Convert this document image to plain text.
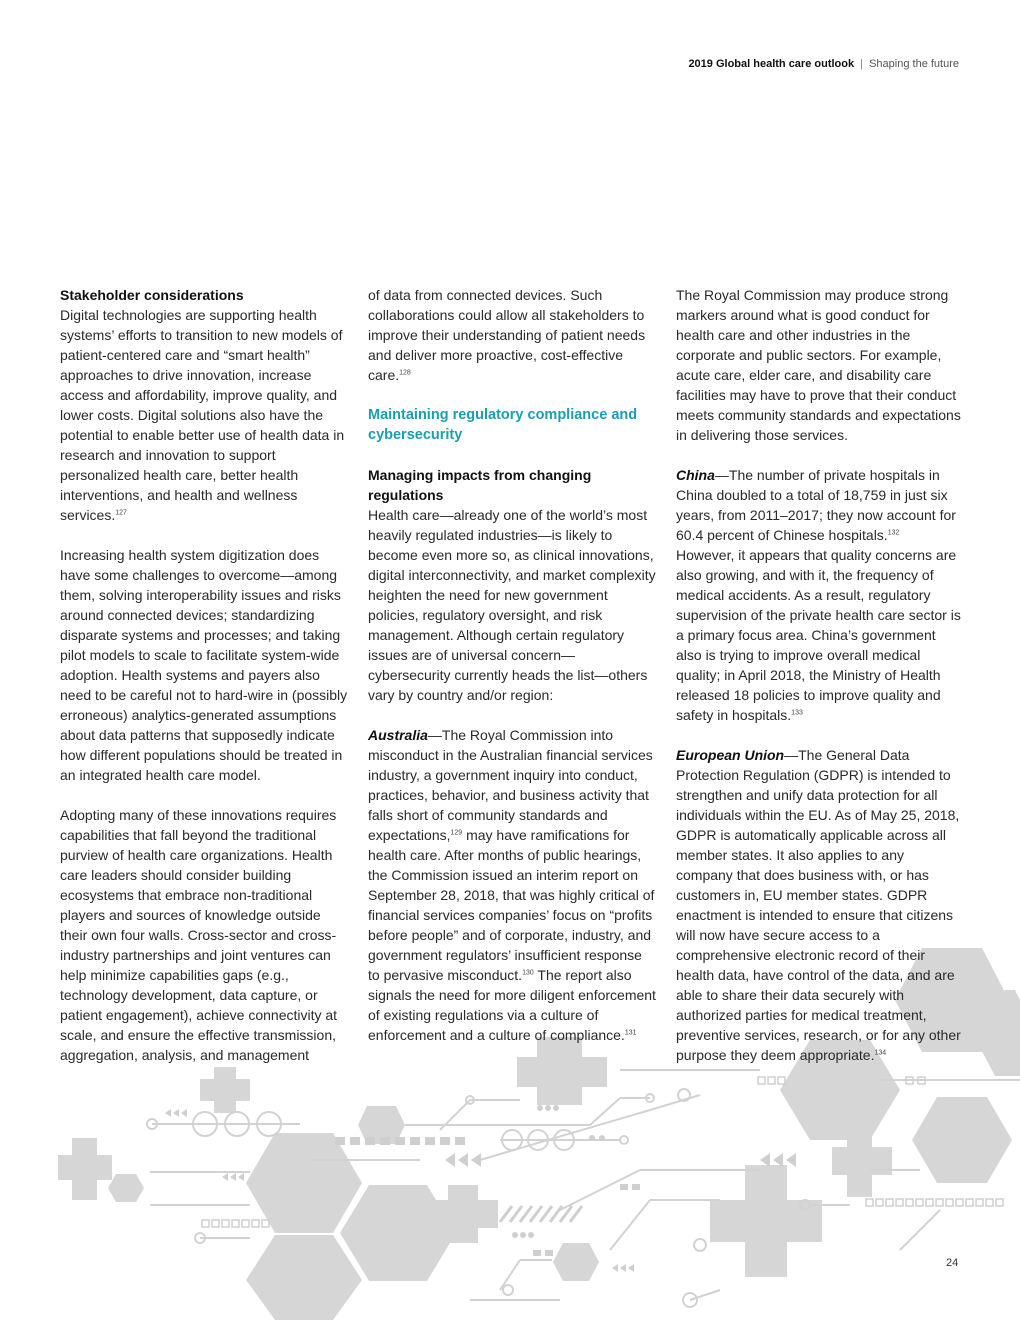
2019 Global health care outlook | Shaping the future
Stakeholder considerations

Digital technologies are supporting health systems’ efforts to transition to new models of patient-centered care and “smart health” approaches to drive innovation, increase access and affordability, improve quality, and lower costs. Digital solutions also have the potential to enable better use of health data in research and innovation to support personalized health care, better health interventions, and health and wellness services.$^{127}$

Increasing health system digitization does have some challenges to overcome—among them, solving interoperability issues and risks around connected devices; standardizing disparate systems and processes; and taking pilot models to scale to facilitate system-wide adoption. Health systems and payers also need to be careful not to hard-wire in (possibly erroneous) analytics-generated assumptions about data patterns that supposedly indicate how different populations should be treated in an integrated health care model.

Adopting many of these innovations requires capabilities that fall beyond the traditional purview of health care organizations. Health care leaders should consider building ecosystems that embrace non-traditional players and sources of knowledge outside their own four walls. Cross-sector and cross-industry partnerships and joint ventures can help minimize capabilities gaps (e.g., technology development, data capture, or patient engagement), achieve connectivity at scale, and ensure the effective transmission, aggregation, analysis, and management

of data from connected devices. Such collaborations could allow all stakeholders to improve their understanding of patient needs and deliver more proactive, cost-effective care.$^{128}$

Maintaining regulatory compliance and cybersecurity
Managing impacts from changing regulations

Health care—already one of the world’s most heavily regulated industries—is likely to become even more so, as clinical innovations, digital interconnectivity, and market complexity heighten the need for new government policies, regulatory oversight, and risk management. Although certain regulatory issues are of universal concern—cybersecurity currently heads the list—others vary by country and/or region:

Australia—The Royal Commission into misconduct in the Australian financial services industry, a government inquiry into conduct, practices, behavior, and business activity that falls short of community standards and expectations,$^{129}$ may have ramifications for health care. After months of public hearings, the Commission issued an interim report on September 28, 2018, that was highly critical of financial services companies’ focus on “profits before people” and of corporate, industry, and government regulators’ insufficient response to pervasive misconduct.$^{130}$ The report also signals the need for more diligent enforcement of existing regulations via a culture of enforcement and a culture of compliance.$^{131}$

The Royal Commission may produce strong markers around what is good conduct for health care and other industries in the corporate and public sectors. For example, acute care, elder care, and disability care facilities may have to prove that their conduct meets community standards and expectations in delivering those services.

China—The number of private hospitals in China doubled to a total of 18,759 in just six years, from 2011–2017; they now account for 60.4 percent of Chinese hospitals.$^{132}$ However, it appears that quality concerns are also growing, and with it, the frequency of medical accidents. As a result, regulatory supervision of the private health care sector is a primary focus area. China’s government also is trying to improve overall medical quality; in April 2018, the Ministry of Health released 18 policies to improve quality and safety in hospitals.$^{133}$

European Union—The General Data Protection Regulation (GDPR) is intended to strengthen and unify data protection for all individuals within the EU. As of May 25, 2018, GDPR is automatically applicable across all member states. It also applies to any company that does business with, or has customers in, EU member states. GDPR enactment is intended to ensure that citizens will now have secure access to a comprehensive electronic record of their health data, have control of the data, and are able to share their data securely with authorized parties for medical treatment, preventive services, research, or for any other purpose they deem appropriate.$^{134}$

24
